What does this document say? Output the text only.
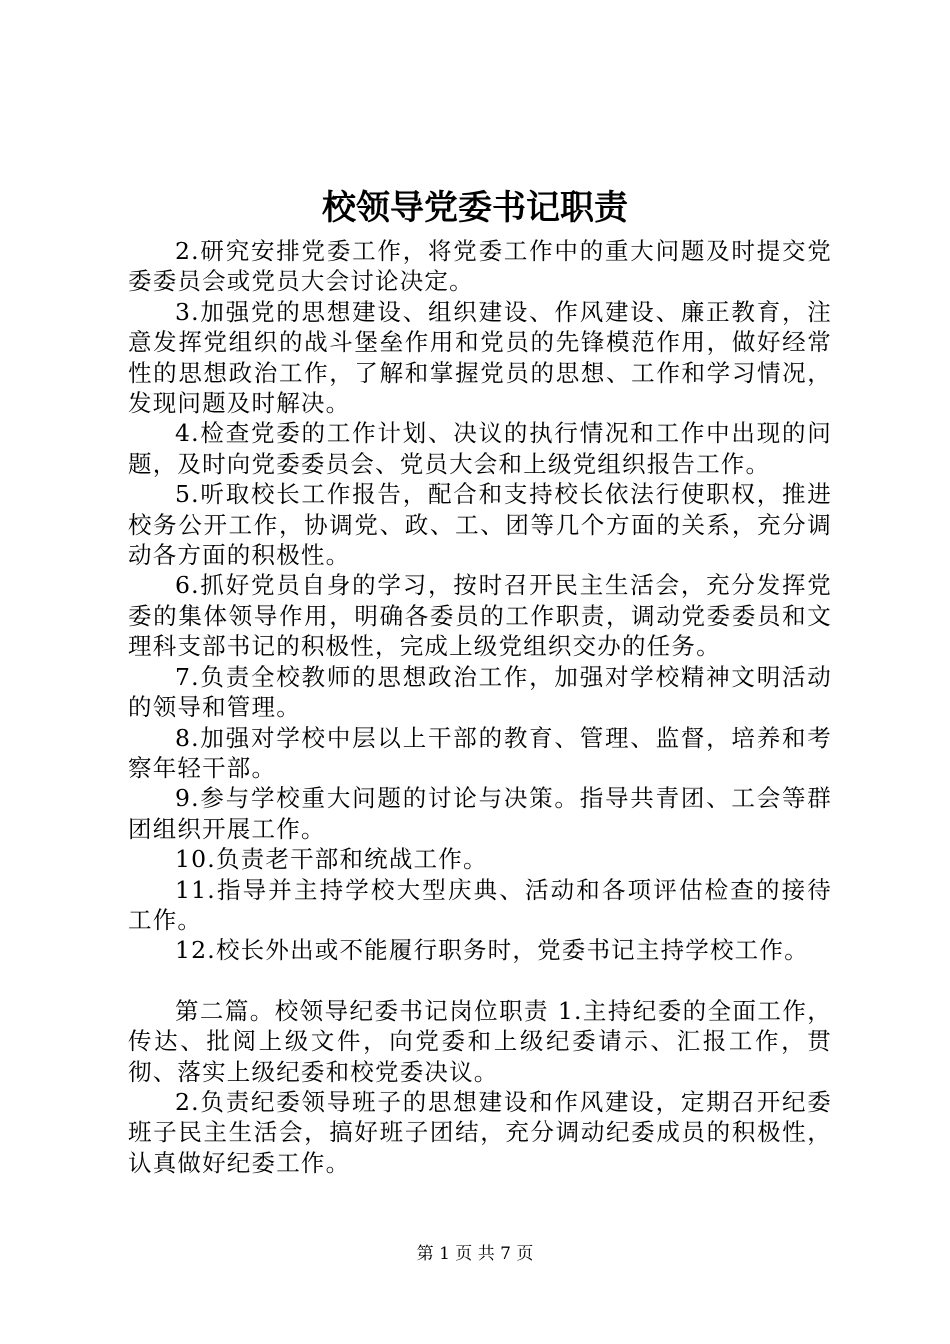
校领导党委书记职责

2.研究安排党委工作，将党委工作中的重大问题及时提交党委委员会或党员大会讨论决定。

3.加强党的思想建设、组织建设、作风建设、廉正教育，注意发挥党组织的战斗堡垒作用和党员的先锋模范作用，做好经常性的思想政治工作，了解和掌握党员的思想、工作和学习情况，发现问题及时解决。

4.检查党委的工作计划、决议的执行情况和工作中出现的问题，及时向党委委员会、党员大会和上级党组织报告工作。

5.听取校长工作报告，配合和支持校长依法行使职权，推进校务公开工作，协调党、政、工、团等几个方面的关系，充分调动各方面的积极性。

6.抓好党员自身的学习，按时召开民主生活会，充分发挥党委的集体领导作用，明确各委员的工作职责，调动党委委员和文理科支部书记的积极性，完成上级党组织交办的任务。

7.负责全校教师的思想政治工作，加强对学校精神文明活动的领导和管理。

8.加强对学校中层以上干部的教育、管理、监督，培养和考察年轻干部。

9.参与学校重大问题的讨论与决策。指导共青团、工会等群团组织开展工作。

10.负责老干部和统战工作。

11.指导并主持学校大型庆典、活动和各项评估检查的接待工作。

12.校长外出或不能履行职务时，党委书记主持学校工作。

第二篇。校领导纪委书记岗位职责 1.主持纪委的全面工作，传达、批阅上级文件，向党委和上级纪委请示、汇报工作，贯彻、落实上级纪委和校党委决议。

2.负责纪委领导班子的思想建设和作风建设，定期召开纪委班子民主生活会，搞好班子团结，充分调动纪委成员的积极性，认真做好纪委工作。

第 1 页 共 7 页
